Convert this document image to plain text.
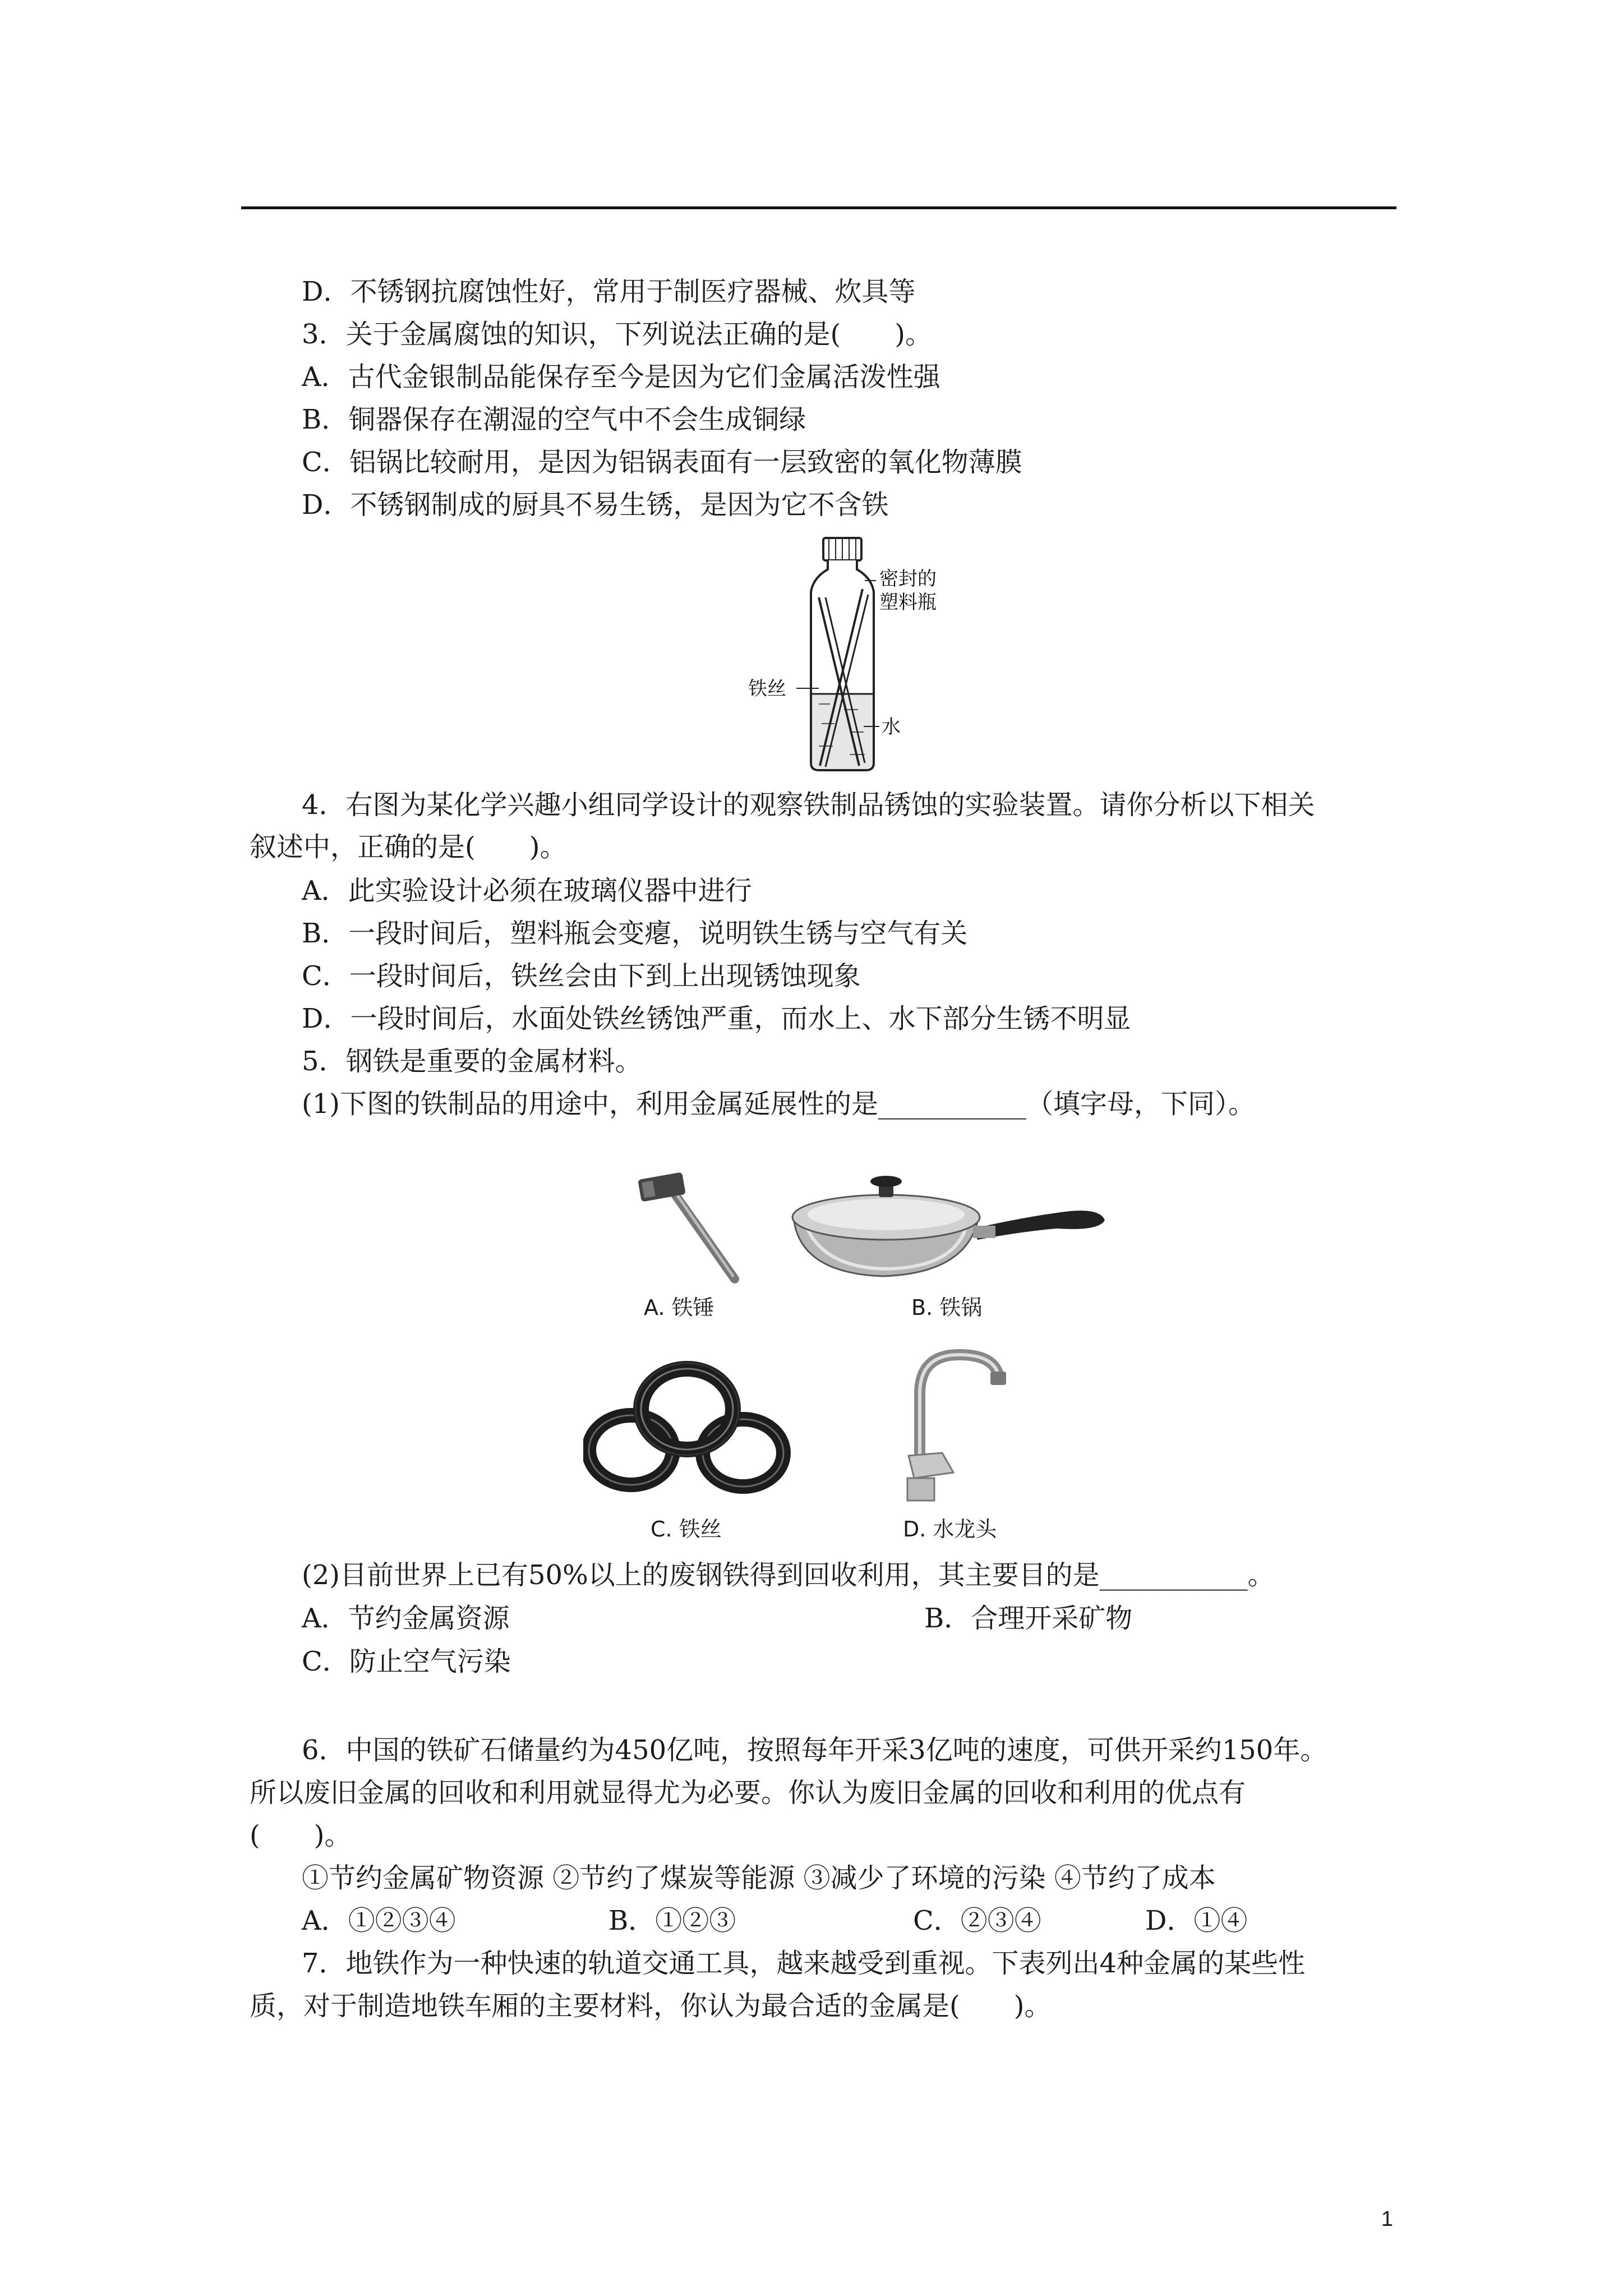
D．不锈钢抗腐蚀性好，常用于制医疗器械、炊具等
3．关于金属腐蚀的知识，下列说法正确的是(　　)。
A．古代金银制品能保存至今是因为它们金属活泼性强
B．铜器保存在潮湿的空气中不会生成铜绿
C．铝锅比较耐用，是因为铝锅表面有一层致密的氧化物薄膜
D．不锈钢制成的厨具不易生锈，是因为它不含铁
密封的
塑料瓶
铁丝
水
4．右图为某化学兴趣小组同学设计的观察铁制品锈蚀的实验装置。请你分析以下相关
叙述中，正确的是(　　)。
A．此实验设计必须在玻璃仪器中进行
B．一段时间后，塑料瓶会变瘪，说明铁生锈与空气有关
C．一段时间后，铁丝会由下到上出现锈蚀现象
D．一段时间后，水面处铁丝锈蚀严重，而水上、水下部分生锈不明显
5．钢铁是重要的金属材料。
(1)下图的铁制品的用途中，利用金属延展性的是___________（填字母，下同）。
A. 铁锤	B. 铁锅
C. 铁丝	D. 水龙头
(2)目前世界上已有50%以上的废钢铁得到回收利用，其主要目的是___________。
A．节约金属资源	B．合理开采矿物
C．防止空气污染
6．中国的铁矿石储量约为450亿吨，按照每年开采3亿吨的速度，可供开采约150年。
所以废旧金属的回收和利用就显得尤为必要。你认为废旧金属的回收和利用的优点有
(　　)。
①节约金属矿物资源 ②节约了煤炭等能源 ③减少了环境的污染 ④节约了成本
A．①②③④	B．①②③	C．②③④	D．①④
7．地铁作为一种快速的轨道交通工具，越来越受到重视。下表列出4种金属的某些性
质，对于制造地铁车厢的主要材料，你认为最合适的金属是(　　)。
1
